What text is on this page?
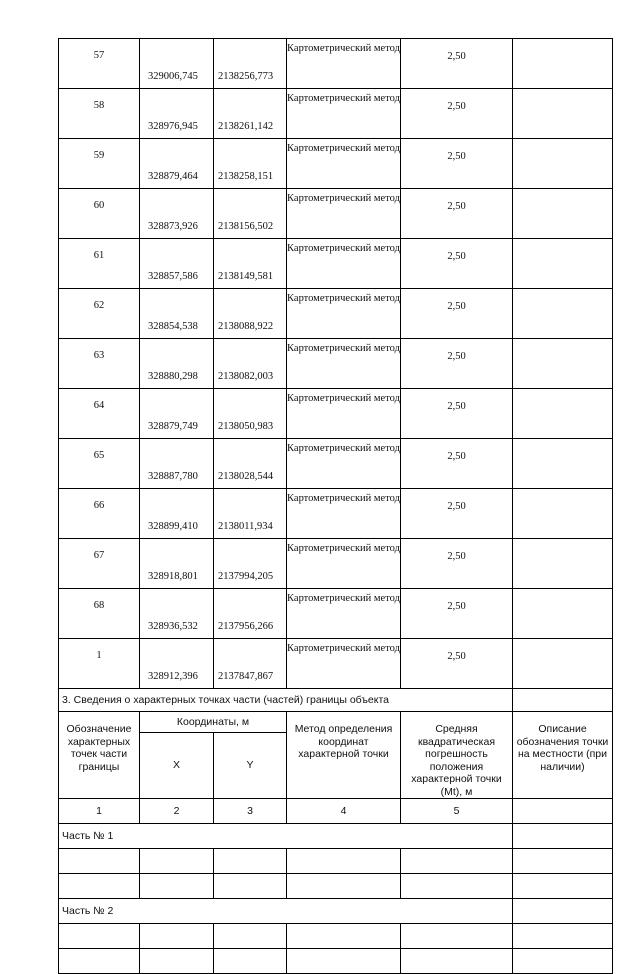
57	329006,745	2138256,773	Картометрический метод	2,50	
58	328976,945	2138261,142	Картометрический метод	2,50	
59	328879,464	2138258,151	Картометрический метод	2,50	
60	328873,926	2138156,502	Картометрический метод	2,50	
61	328857,586	2138149,581	Картометрический метод	2,50	
62	328854,538	2138088,922	Картометрический метод	2,50	
63	328880,298	2138082,003	Картометрический метод	2,50	
64	328879,749	2138050,983	Картометрический метод	2,50	
65	328887,780	2138028,544	Картометрический метод	2,50	
66	328899,410	2138011,934	Картометрический метод	2,50	
67	328918,801	2137994,205	Картометрический метод	2,50	
68	328936,532	2137956,266	Картометрический метод	2,50	
1	328912,396	2137847,867	Картометрический метод	2,50	
3. Сведения о характерных точках части (частей) границы объекта					
Обозначение характерных точек части границы	Координаты, м		Метод определения координат характерной точки	Средняя квадратическая погрешность положения характерной точки (Mt), м	Описание обозначения точки на местности (при наличии)
	X	Y			
1	2	3	4	5	
Часть № 1					

Часть № 2					
